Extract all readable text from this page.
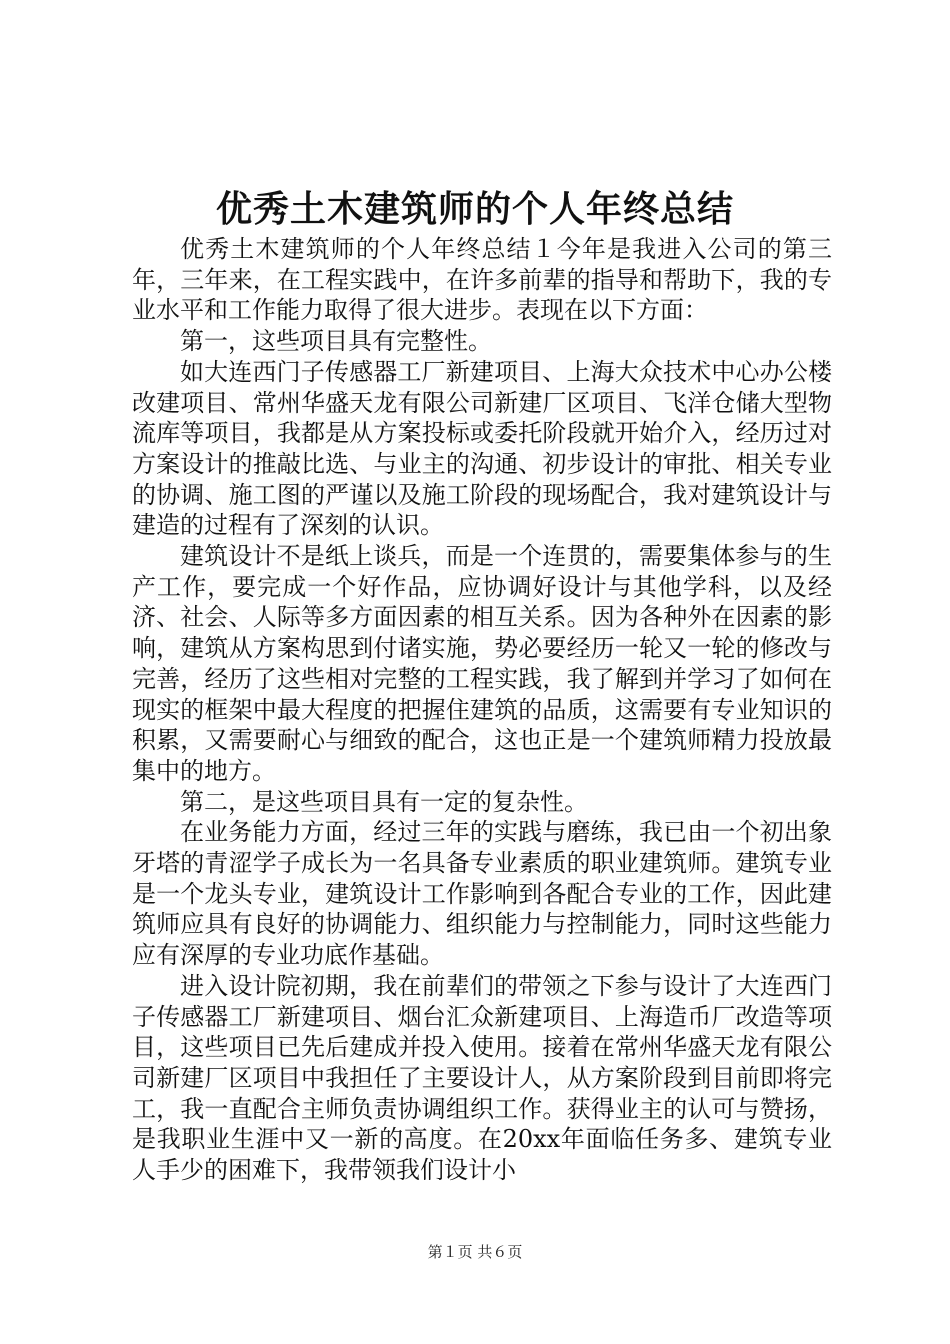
优秀土木建筑师的个人年终总结

优秀土木建筑师的个人年终总结１今年是我进入公司的第三年，三年来，在工程实践中，在许多前辈的指导和帮助下，我的专业水平和工作能力取得了很大进步。表现在以下方面：

第一，这些项目具有完整性。

如大连西门子传感器工厂新建项目、上海大众技术中心办公楼改建项目、常州华盛天龙有限公司新建厂区项目、飞洋仓储大型物流库等项目，我都是从方案投标或委托阶段就开始介入，经历过对方案设计的推敲比选、与业主的沟通、初步设计的审批、相关专业的协调、施工图的严谨以及施工阶段的现场配合，我对建筑设计与建造的过程有了深刻的认识。

建筑设计不是纸上谈兵，而是一个连贯的，需要集体参与的生产工作，要完成一个好作品，应协调好设计与其他学科，以及经济、社会、人际等多方面因素的相互关系。因为各种外在因素的影响，建筑从方案构思到付诸实施，势必要经历一轮又一轮的修改与完善，经历了这些相对完整的工程实践，我了解到并学习了如何在现实的框架中最大程度的把握住建筑的品质，这需要有专业知识的积累，又需要耐心与细致的配合，这也正是一个建筑师精力投放最集中的地方。

第二，是这些项目具有一定的复杂性。

在业务能力方面，经过三年的实践与磨练，我已由一个初出象牙塔的青涩学子成长为一名具备专业素质的职业建筑师。建筑专业是一个龙头专业，建筑设计工作影响到各配合专业的工作，因此建筑师应具有良好的协调能力、组织能力与控制能力，同时这些能力应有深厚的专业功底作基础。

进入设计院初期，我在前辈们的带领之下参与设计了大连西门子传感器工厂新建项目、烟台汇众新建项目、上海造币厂改造等项目，这些项目已先后建成并投入使用。接着在常州华盛天龙有限公司新建厂区项目中我担任了主要设计人，从方案阶段到目前即将完工，我一直配合主师负责协调组织工作。获得业主的认可与赞扬，是我职业生涯中又一新的高度。在20xx年面临任务多、建筑专业人手少的困难下，我带领我们设计小

第１页 共６页
